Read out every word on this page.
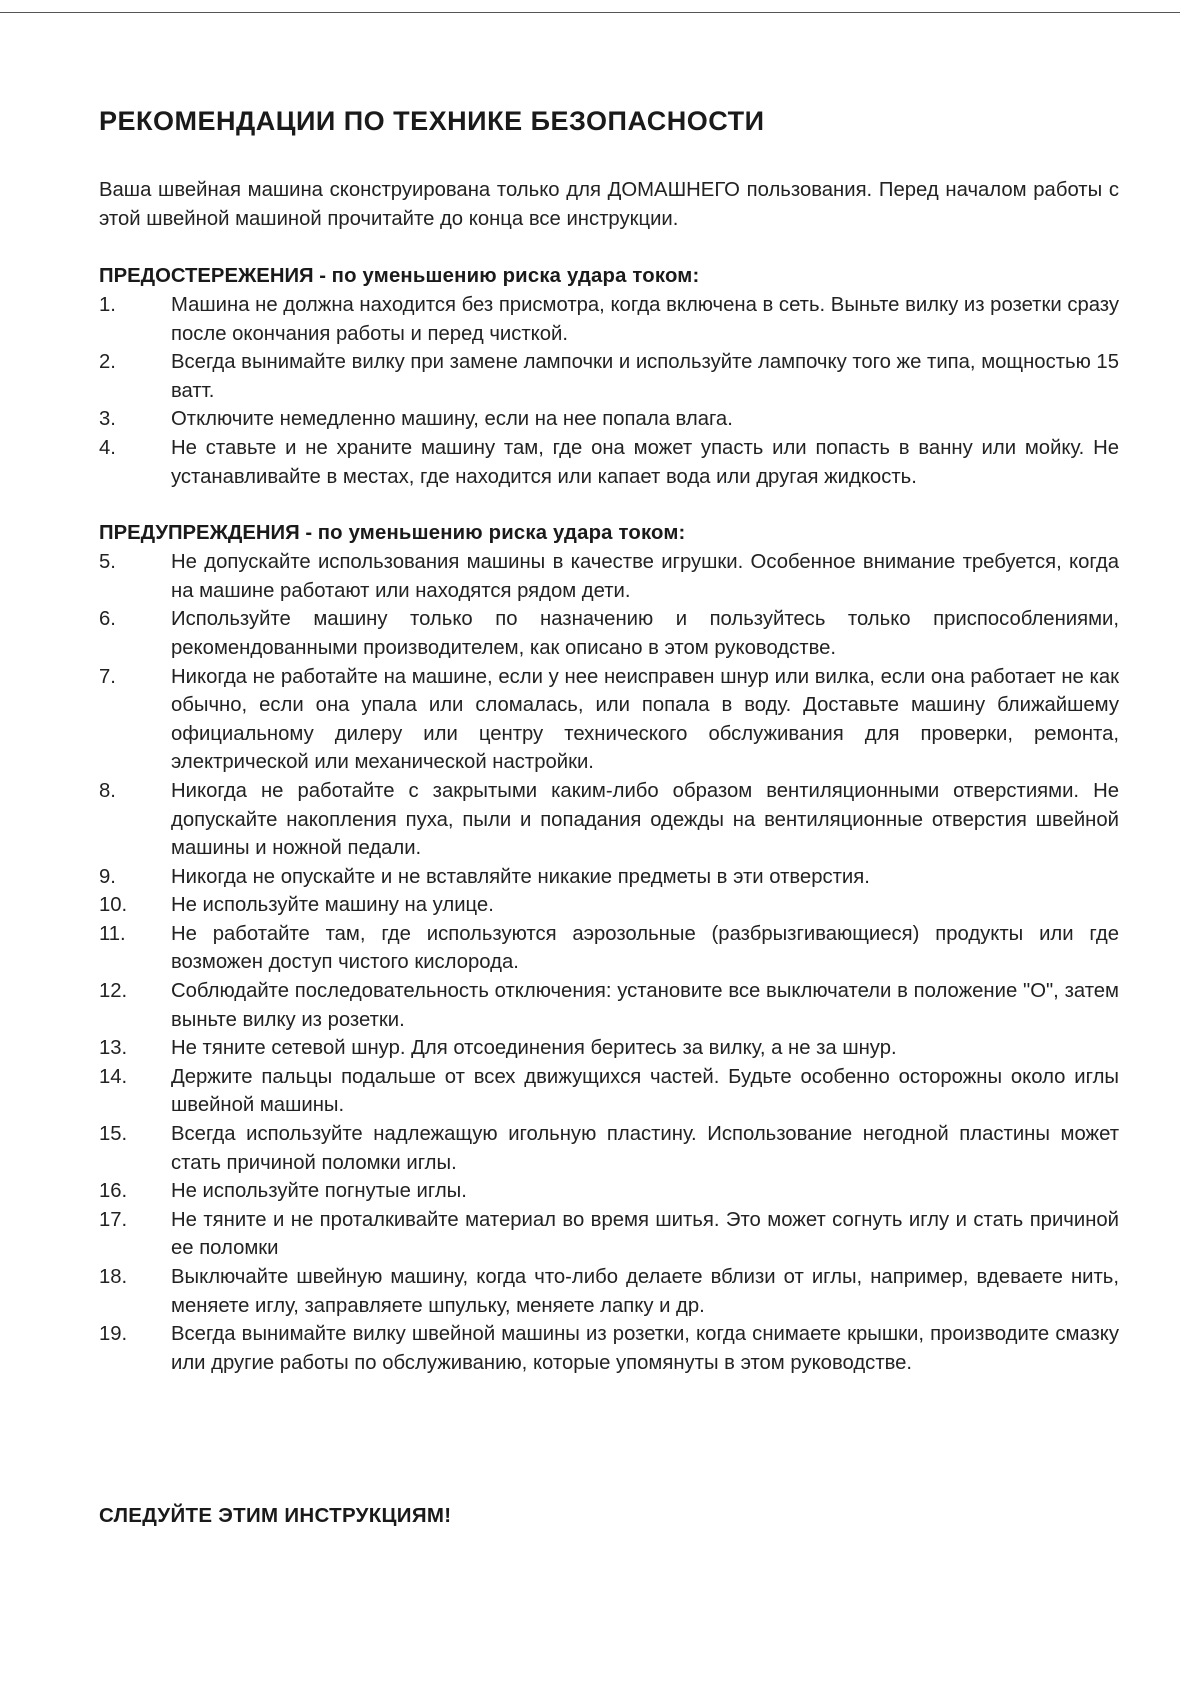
РЕКОМЕНДАЦИИ ПО ТЕХНИКЕ БЕЗОПАСНОСТИ

Ваша швейная машина сконструирована только для ДОМАШНЕГО пользования. Перед началом работы с этой швейной машиной прочитайте до конца все инструкции.

ПРЕДОСТЕРЕЖЕНИЯ - по уменьшению риска удара током:
1.	Машина не должна находится без присмотра, когда включена в сеть. Выньте вилку из розетки сразу после окончания работы и перед чисткой.
2.	Всегда вынимайте вилку при замене лампочки и используйте лампочку того же типа, мощностью 15 ватт.
3.	Отключите немедленно машину, если на нее попала влага.
4.	Не ставьте и не храните машину там, где она может упасть или попасть в ванну или мойку. Не устанавливайте в местах, где находится или капает вода или другая жидкость.
ПРЕДУПРЕЖДЕНИЯ - по уменьшению риска удара током:
5.	Не допускайте использования машины в качестве игрушки. Особенное внимание требуется, когда на машине работают или находятся рядом дети.
6.	Используйте машину только по назначению и пользуйтесь только приспособлениями, рекомендованными производителем, как описано в этом руководстве.
7.	Никогда не работайте на машине, если у нее неисправен шнур или вилка, если она работает не как обычно, если она упала или сломалась, или попала в воду. Доставьте машину ближайшему официальному дилеру или центру технического обслуживания для проверки, ремонта, электрической или механической настройки.
8.	Никогда не работайте с закрытыми каким-либо образом вентиляционными отверстиями. Не допускайте накопления пуха, пыли и попадания одежды на вентиляционные отверстия швейной машины и ножной педали.
9.	Никогда не опускайте и не вставляйте никакие предметы в эти отверстия.
10. Не используйте машину на улице.
11. Не работайте там, где используются аэрозольные (разбрызгивающиеся) продукты или где возможен доступ чистого кислорода.
12. Соблюдайте последовательность отключения: установите все выключатели в положение "О", затем выньте вилку из розетки.
13. Не тяните сетевой шнур. Для отсоединения беритесь за вилку, а не за шнур.
14. Держите пальцы подальше от всех движущихся частей. Будьте особенно осторожны около иглы швейной машины.
15. Всегда используйте надлежащую игольную пластину. Использование негодной пластины может стать причиной поломки иглы.
16. Не используйте погнутые иглы.
17. Не тяните и не проталкивайте материал во время шитья. Это может согнуть иглу и стать причиной ее поломки
18. Выключайте швейную машину, когда что-либо делаете вблизи от иглы, например, вдеваете нить, меняете иглу, заправляете шпульку, меняете лапку и др.
19. Всегда вынимайте вилку швейной машины из розетки, когда снимаете крышки, производите смазку или другие работы по обслуживанию, которые упомянуты в этом руководстве.
СЛЕДУЙТЕ ЭТИМ ИНСТРУКЦИЯМ!
